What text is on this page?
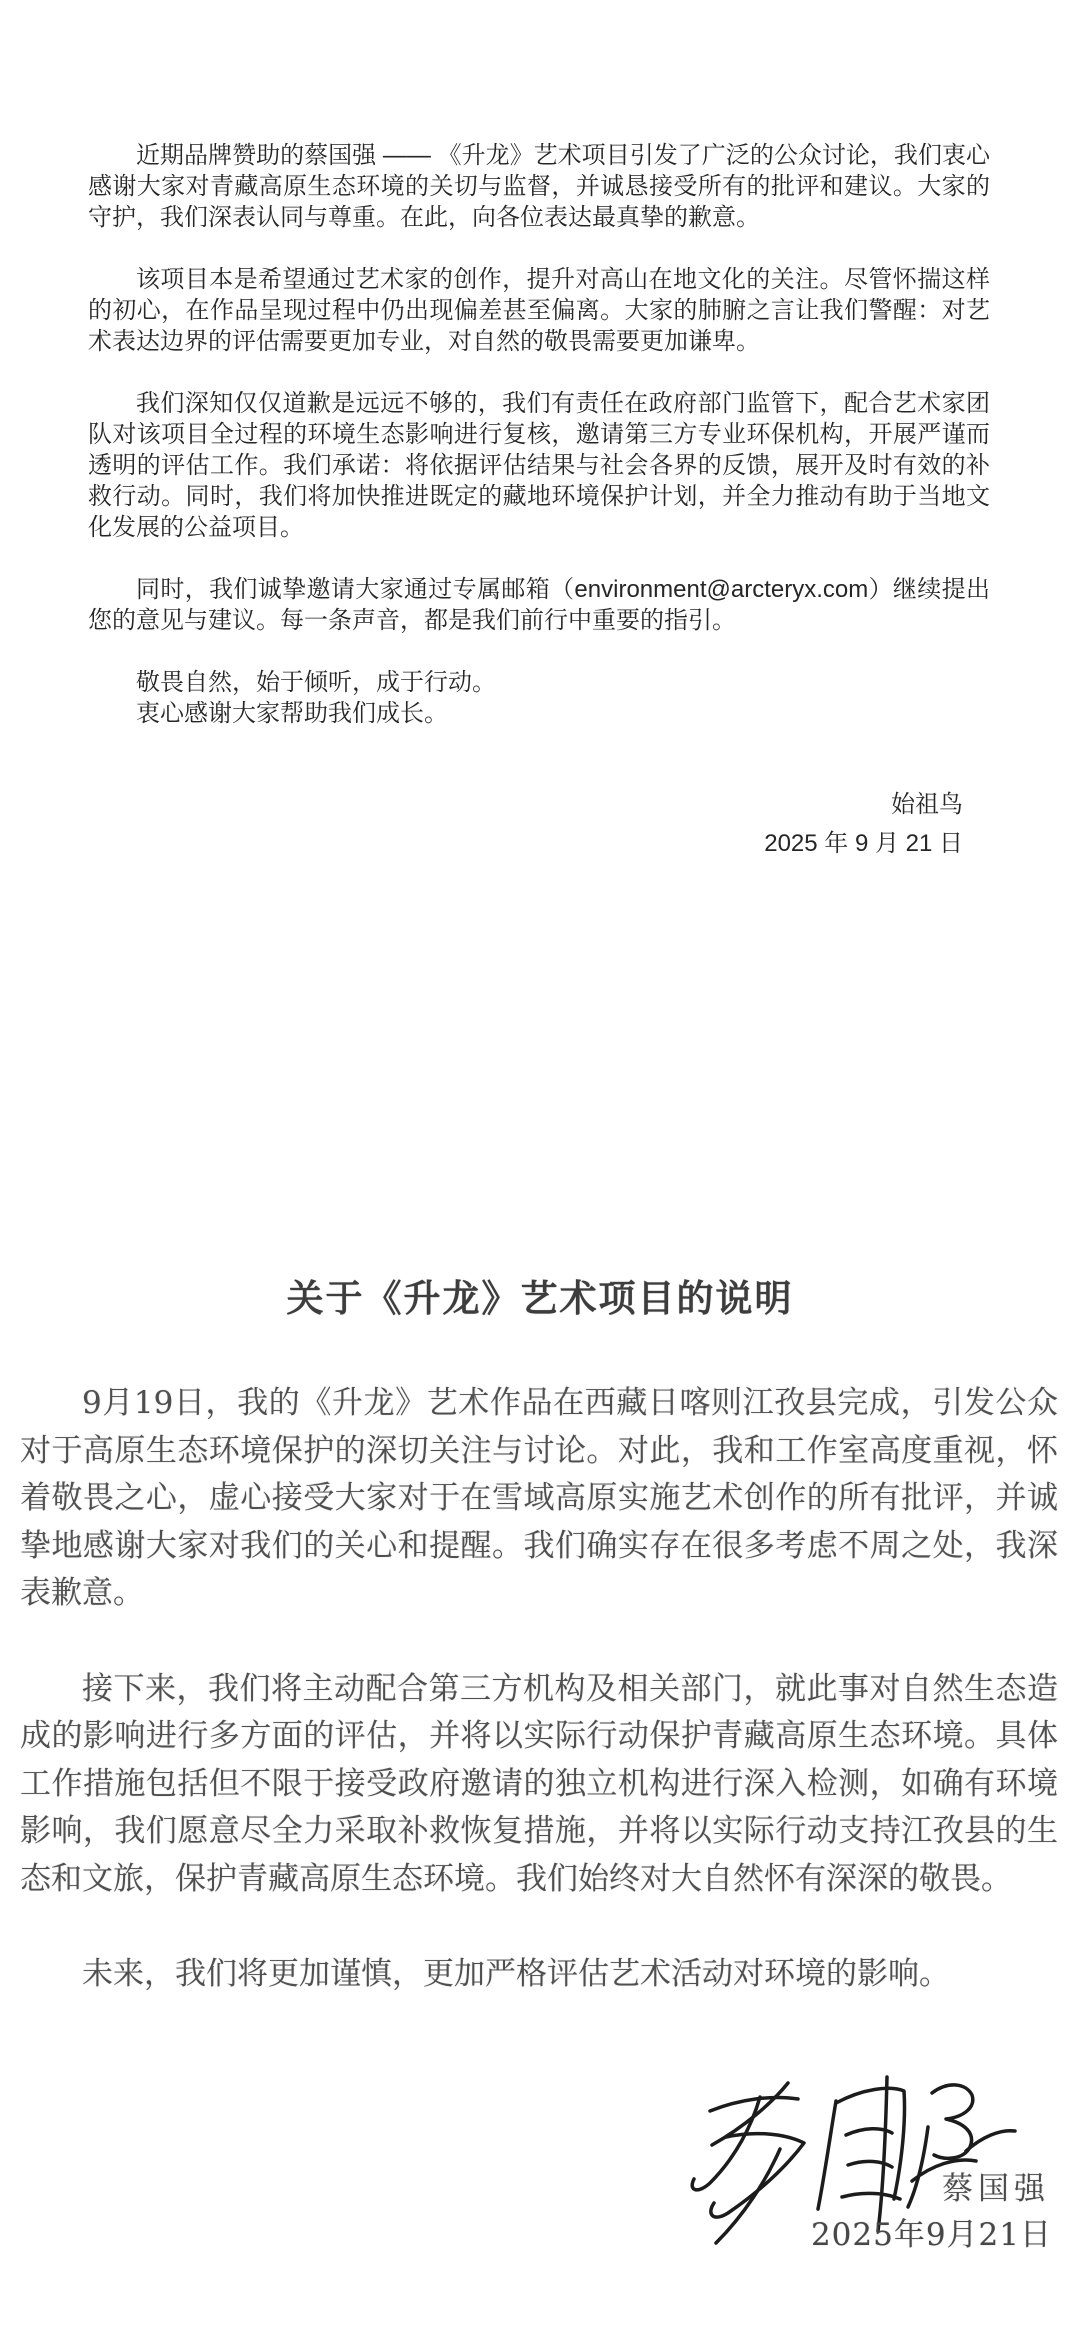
近期品牌赞助的蔡国强 —— 《升龙》艺术项目引发了广泛的公众讨论，我们衷心感谢大家对青藏高原生态环境的关切与监督，并诚恳接受所有的批评和建议。大家的守护，我们深表认同与尊重。在此，向各位表达最真挚的歉意。

该项目本是希望通过艺术家的创作，提升对高山在地文化的关注。尽管怀揣这样的初心，在作品呈现过程中仍出现偏差甚至偏离。大家的肺腑之言让我们警醒：对艺术表达边界的评估需要更加专业，对自然的敬畏需要更加谦卑。

我们深知仅仅道歉是远远不够的，我们有责任在政府部门监管下，配合艺术家团队对该项目全过程的环境生态影响进行复核，邀请第三方专业环保机构，开展严谨而透明的评估工作。我们承诺：将依据评估结果与社会各界的反馈，展开及时有效的补救行动。同时，我们将加快推进既定的藏地环境保护计划，并全力推动有助于当地文化发展的公益项目。

同时，我们诚挚邀请大家通过专属邮箱（environment@arcteryx.com）继续提出您的意见与建议。每一条声音，都是我们前行中重要的指引。

敬畏自然，始于倾听，成于行动。

衷心感谢大家帮助我们成长。

始祖鸟
2025 年 9 月 21 日
关于《升龙》艺术项目的说明

9月19日，我的《升龙》艺术作品在西藏日喀则江孜县完成，引发公众对于高原生态环境保护的深切关注与讨论。对此，我和工作室高度重视，怀着敬畏之心，虚心接受大家对于在雪域高原实施艺术创作的所有批评，并诚挚地感谢大家对我们的关心和提醒。我们确实存在很多考虑不周之处，我深表歉意。

接下来，我们将主动配合第三方机构及相关部门，就此事对自然生态造成的影响进行多方面的评估，并将以实际行动保护青藏高原生态环境。具体工作措施包括但不限于接受政府邀请的独立机构进行深入检测，如确有环境影响，我们愿意尽全力采取补救恢复措施，并将以实际行动支持江孜县的生态和文旅，保护青藏高原生态环境。我们始终对大自然怀有深深的敬畏。

未来，我们将更加谨慎，更加严格评估艺术活动对环境的影响。

蔡国强
2025年9月21日
